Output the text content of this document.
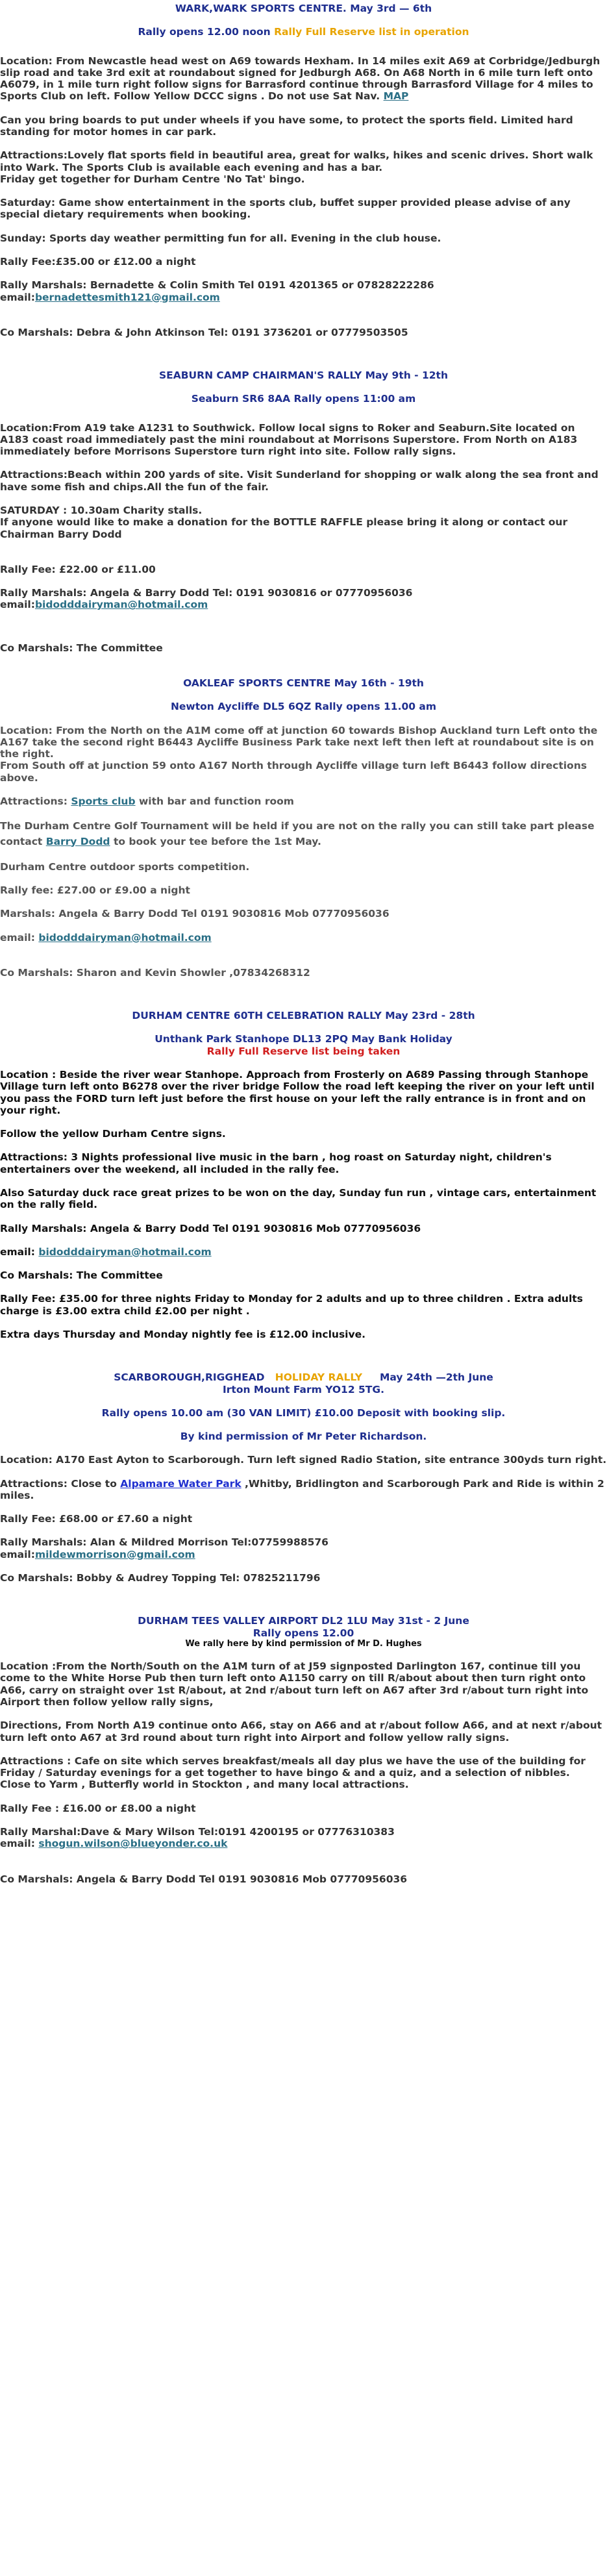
WARK,WARK SPORTS CENTRE. May 3rd — 6th

Rally opens 12.00 noon Rally Full Reserve list in operation

Location: From Newcastle head west on A69 towards Hexham. In 14 miles exit A69 at Corbridge/Jedburgh slip road and take 3rd exit at roundabout signed for Jedburgh A68. On A68 North in 6 mile turn left onto A6079, in 1 mile turn right follow signs for Barrasford continue through Barrasford Village for 4 miles to Sports Club on left. Follow Yellow DCCC signs . Do not use Sat Nav. MAP

Can you bring boards to put under wheels if you have some, to protect the sports field. Limited hard standing for motor homes in car park.

Attractions:Lovely flat sports field in beautiful area, great for walks, hikes and scenic drives. Short walk into Wark. The Sports Club is available each evening and has a bar.

Friday get together for Durham Centre 'No Tat' bingo.

Saturday: Game show entertainment in the sports club, buffet supper provided please advise of any special dietary requirements when booking.

Sunday: Sports day weather permitting fun for all. Evening in the club house.

Rally Fee:£35.00 or £12.00 a night

Rally Marshals: Bernadette & Colin Smith Tel 0191 4201365 or 07828222286

email:bernadettesmith121@gmail.com

Co Marshals: Debra & John Atkinson Tel: 0191 3736201 or 07779503505

SEABURN CAMP CHAIRMAN'S RALLY May 9th - 12th

Seaburn SR6 8AA Rally opens 11:00 am

Location:From A19 take A1231 to Southwick. Follow local signs to Roker and Seaburn.Site located on A183 coast road immediately past the mini roundabout at Morrisons Superstore. From North on A183 immediately before Morrisons Superstore turn right into site. Follow rally signs.

Attractions:Beach within 200 yards of site. Visit Sunderland for shopping or walk along the sea front and have some fish and chips.All the fun of the fair.

SATURDAY : 10.30am Charity stalls.

If anyone would like to make a donation for the BOTTLE RAFFLE please bring it along or contact our Chairman Barry Dodd

Rally Fee: £22.00 or £11.00

Rally Marshals: Angela & Barry Dodd Tel: 0191 9030816 or 07770956036

email:bidodddairyman@hotmail.com

Co Marshals: The Committee

OAKLEAF SPORTS CENTRE May 16th - 19th

Newton Aycliffe DL5 6QZ Rally opens 11.00 am

Location: From the North on the A1M come off at junction 60 towards Bishop Auckland turn Left onto the A167 take the second right B6443 Aycliffe Business Park take next left then left at roundabout site is on the right.

From South off at junction 59 onto A167 North through Aycliffe village turn left B6443 follow directions above.

Attractions: Sports club with bar and function room

The Durham Centre Golf Tournament will be held if you are not on the rally you can still take part please contact Barry Dodd to book your tee before the 1st May.

Durham Centre outdoor sports competition.

Rally fee: £27.00 or £9.00 a night

Marshals: Angela & Barry Dodd Tel 0191 9030816 Mob 07770956036

email: bidodddairyman@hotmail.com

Co Marshals: Sharon and Kevin Showler ,07834268312

DURHAM CENTRE 60TH CELEBRATION RALLY May 23rd - 28th

Unthank Park Stanhope DL13 2PQ May Bank Holiday

Rally Full Reserve list being taken

Location : Beside the river wear Stanhope. Approach from Frosterly on A689 Passing through Stanhope Village turn left onto B6278 over the river bridge Follow the road left keeping the river on your left until you pass the FORD turn left just before the first house on your left the rally entrance is in front and on your right.

Follow the yellow Durham Centre signs.

Attractions: 3 Nights professional live music in the barn , hog roast on Saturday night, children's entertainers over the weekend, all included in the rally fee.

Also Saturday duck race great prizes to be won on the day, Sunday fun run , vintage cars, entertainment on the rally field.

Rally Marshals: Angela & Barry Dodd Tel 0191 9030816 Mob 07770956036

email: bidodddairyman@hotmail.com

Co Marshals: The Committee

Rally Fee: £35.00 for three nights Friday to Monday for 2 adults and up to three children . Extra adults charge is £3.00 extra child £2.00 per night .

Extra days Thursday and Monday nightly fee is £12.00 inclusive.

SCARBOROUGH,RIGGHEAD HOLIDAY RALLY May 24th —2th June

Irton Mount Farm YO12 5TG.

Rally opens 10.00 am (30 VAN LIMIT) £10.00 Deposit with booking slip.

By kind permission of Mr Peter Richardson.

Location: A170 East Ayton to Scarborough. Turn left signed Radio Station, site entrance 300yds turn right.

Attractions: Close to Alpamare Water Park ,Whitby, Bridlington and Scarborough Park and Ride is within 2 miles.

Rally Fee: £68.00 or £7.60 a night

Rally Marshals: Alan & Mildred Morrison Tel:07759988576

email:mildewmorrison@gmail.com

Co Marshals: Bobby & Audrey Topping Tel: 07825211796

DURHAM TEES VALLEY AIRPORT DL2 1LU May 31st - 2 June

Rally opens 12.00

We rally here by kind permission of Mr D. Hughes

Location :From the North/South on the A1M turn of at J59 signposted Darlington 167, continue till you come to the White Horse Pub then turn left onto A1150 carry on till R/about about then turn right onto A66, carry on straight over 1st R/about, at 2nd r/about turn left on A67 after 3rd r/about turn right into Airport then follow yellow rally signs,

Directions, From North A19 continue onto A66, stay on A66 and at r/about follow A66, and at next r/about turn left onto A67 at 3rd round about turn right into Airport and follow yellow rally signs.

Attractions : Cafe on site which serves breakfast/meals all day plus we have the use of the building for Friday / Saturday evenings for a get together to have bingo & and a quiz, and a selection of nibbles.

Close to Yarm , Butterfly world in Stockton , and many local attractions.

Rally Fee : £16.00 or £8.00 a night

Rally Marshal:Dave & Mary Wilson Tel:0191 4200195 or 07776310383

email: shogun.wilson@blueyonder.co.uk

Co Marshals: Angela & Barry Dodd Tel 0191 9030816 Mob 07770956036
